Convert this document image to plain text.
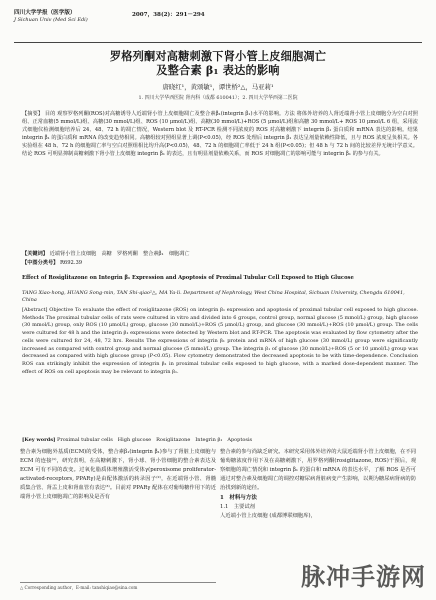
四川大学学报（医学版）
J Sichuan Univ (Med Sci Edi)
2007，38(2)：291－294
罗格列酮对高糖刺激下肾小管上皮细胞凋亡
及整合素 β₁ 表达的影响
唐晓红¹，黄颂敏¹，谭世桥²△，马亚莉¹
1. 四川大学华西医院 肾内科（成都 610041）；2. 四川大学华西第二医院
【摘要】 目的 观察罗格列酮(ROS)对高糖诱导人近端肾小管上皮细胞凋亡及整合素β₁(integrin β₁)水平的影响。方法 将体外培养的人肾近端肾小管上皮细胞分为空白对照组、正常血糖(5 mmol/L)组、高糖(30 mmol/L)组、ROS (10 μmol/L)组、高糖(30 mmol/L)+ROS (5 μmol/L)组和高糖 30 mmol/L+ ROS 10 μmol/L 6 组，采用流式细胞仪检测细胞培养后 24、48、72 h 的凋亡情况，Western blot 及 RT-PCR 检测不同浓度的 ROS 对高糖刺激下 integrin β₁ 蛋白质和 mRNA 表达的影响。结果 integrin β₁ 的蛋白质和 mRNA 的改变趋势相同。高糖组较对照组显著上调(P<0.05)，经 ROS 处理后 integrin β₁ 表达呈剂量依赖性降低，且与 ROS 浓度呈负相关。各实验组在 48 h、72 h 的细胞凋亡率与空白对照组相比均升高(P<0.05)，48、72 h 的细胞凋亡率低于 24 h 组(P<0.05)；但 48 h 与 72 h 间的比较差异无统计学意义。结论 ROS 可明显抑制高糖刺激下肾小管上皮细胞 integrin β₁ 的表达，且有明显剂量依赖关系，而 ROS 对细胞凋亡的影响可能与 integrin β₁ 的参与有关。
【关键词】 近端肾小管上皮细胞　高糖　罗格列酮　整合素β₁　细胞凋亡
【中图分类号】 R692.39
Effect of Rosiglitazone on Integrin β₁ Expression and Apoptosis of Proximal Tubular Cell Exposed to High Glucose
TANG Xiao-hong, HUANG Song-min, TAN Shi-qiao²△, MA Ya-li. Department of Nephrology, West China Hospital, Sichuan University, Chengdu 610041, China
[Abstract] Objective To evaluate the effect of rosiglitazone (ROS) on integrin β₁ expression and apoptosis of proximal tubular cell exposed to high glucose. Methods The proximal tubular cells of rats were cultured in vitro and divided into 6 groups, control group, normal glucose (5 mmol/L) group, high glucose (30 mmol/L) group, only ROS (10 μmol/L) group, glucose (30 mmol/L)+ROS (5 μmol/L) group, and glucose (30 mmol/L)+ROS (10 μmol/L) group. The cells were cultured for 48 h and the integrin β₁ expressions were detected by Western blot and RT-PCR. The apoptosis was evaluated by flow cytometry after the cells were cultured for 24, 48, 72 hrs. Results The expressions of integrin β₁ protein and mRNA of high glucose (30 mmol/L) group were significantly increased as compared with control group and normal glucose (5 mmol/L) group. The integrin β₁ of glucose (30 mmol/L)+ROS (5 or 10 μmol/L) group was decreased as compared with high glucose group (P<0.05). Flow cytometry demonstrated the decreased apoptosis to be with time-dependence. Conclusion ROS can strikingly inhibit the expression of integrin β₁ in proximal tubular cells exposed to high glucose, with a marked dose-dependent manner. The effect of ROS on cell apoptosis may be relevant to integrin β₁.
[Key words] Proximal tubular cells　High glucose　Rosiglitazone　Integrin β₁　Apoptosis
整合素为细胞外基质(ECM)的受体，整合素β₁(integrin β₁)参与了肾脏上皮细胞与 ECM 的连接⁽¹⁾，研究表明，在高糖刺激下，肾小球、肾小管细胞的整合素表达及 ECM 可有不同的改变。过氧化脂质体增殖激活受体γ(peroxisome proliferator-activated-receptors, PPARγ)是由配体激活的转录因子⁽²⁾，在近端肾小管、肾髓质集合管、肾盂上皮和肾血管有表达⁽³⁾。目前对 PPARγ 配体在对葡萄糖作用下的近端肾小管上皮细胞凋亡的影响及是否有
整合素的参与尚缺乏研究。本研究采用体外培养的大鼠近端肾小管上皮细胞，在不同葡萄糖浓度作用下及在高糖刺激下，用罗格列酮(rosiglitazone, ROS)干预后，观察细胞的凋亡情况和 integrin β₁ 的蛋白和 mRNA 的表达水平，了解 ROS 是否可通过对整合素及细胞凋亡的调控对糖尿病肾脏病变产生影响，以期为糖尿病肾病的防治找到新的途径。
1　材料与方法
1.1　主要试剂
人近端小管上皮细胞 (成都博联细胞库)，
△ Corresponding author，E-mail: tanshiqiao@sina.com	脉冲手游网
